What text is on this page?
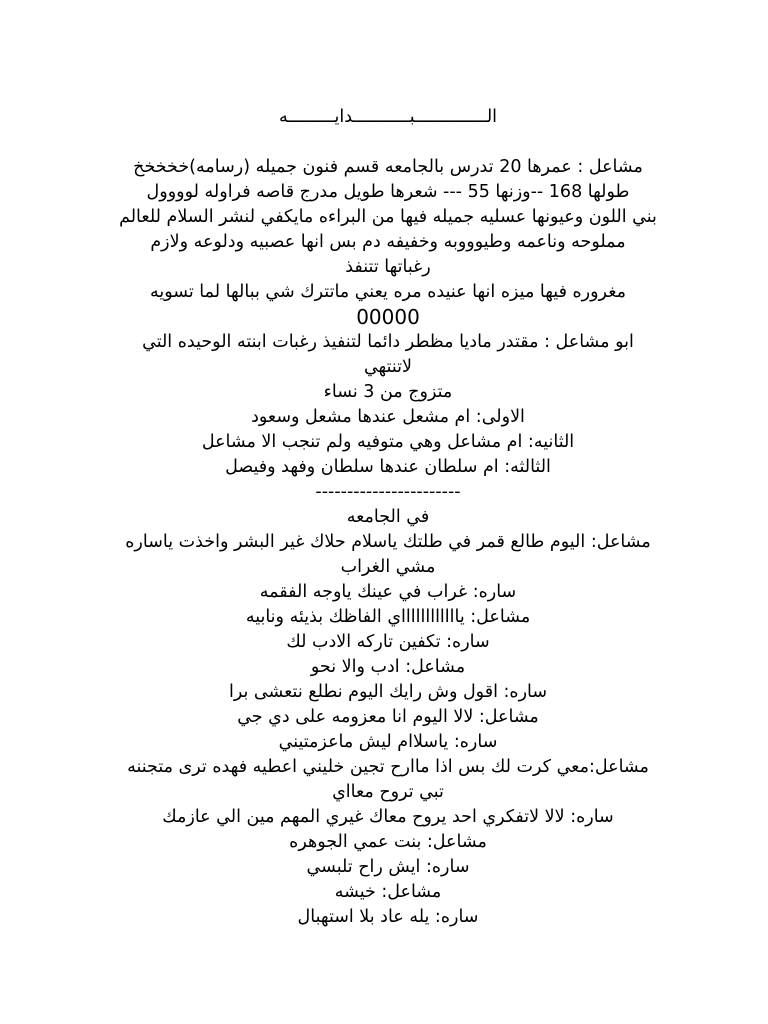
الــــــــــــــبـــــــــــدايـــــــــه
مشاعل : عمرها 20 تدرس بالجامعه قسم فنون جميله (رسامه)خخخخخ
طولها 168 --وزنها 55 --- شعرها طويل مدرج قاصه فراوله لوووول
بني اللون وعيونها عسليه جميله فيها من البراءه مايكفي لنشر السلام للعالم
مملوحه وناعمه وطيوووبه وخفيفه دم بس انها عصبيه ودلوعه ولازم
رغباتها تتنفذ
مغروره فيها ميزه انها عنيده مره يعني ماتترك شي ببالها لما تسويه
00000
ابو مشاعل : مقتدر ماديا مظطر دائما لتنفيذ رغبات ابنته الوحيده التي
لاتنتهي
متزوج من 3 نساء
الاولى: ام مشعل عندها مشعل وسعود
الثانيه: ام مشاعل وهي متوفيه ولم تنجب الا مشاعل
الثالثه: ام سلطان عندها سلطان وفهد وفيصل
-----------------------
في الجامعه
مشاعل: اليوم طالع قمر في طلتك ياسلام حلاك غير البشر واخذت ياساره
مشي الغراب
ساره: غراب في عينك ياوجه الفقمه
مشاعل: يااااااااااااي الفاظك بذيئه ونابيه
ساره: تكفين تاركه الادب لك
مشاعل: ادب والا نحو
ساره: اقول وش رايك اليوم نطلع نتعشى برا
مشاعل: لالا اليوم انا معزومه على دي جي
ساره: ياسلاام ليش ماعزمتيني
مشاعل:معي كرت لك بس اذا ماارح تجين خليني اعطيه فهده ترى متجننه
تبي تروح معااي
ساره: لالا لاتفكري احد يروح معاك غيري المهم مين الي عازمك
مشاعل: بنت عمي الجوهره
ساره: ايش راح تلبسي
مشاعل: خيشه
ساره: يله عاد بلا استهبال
